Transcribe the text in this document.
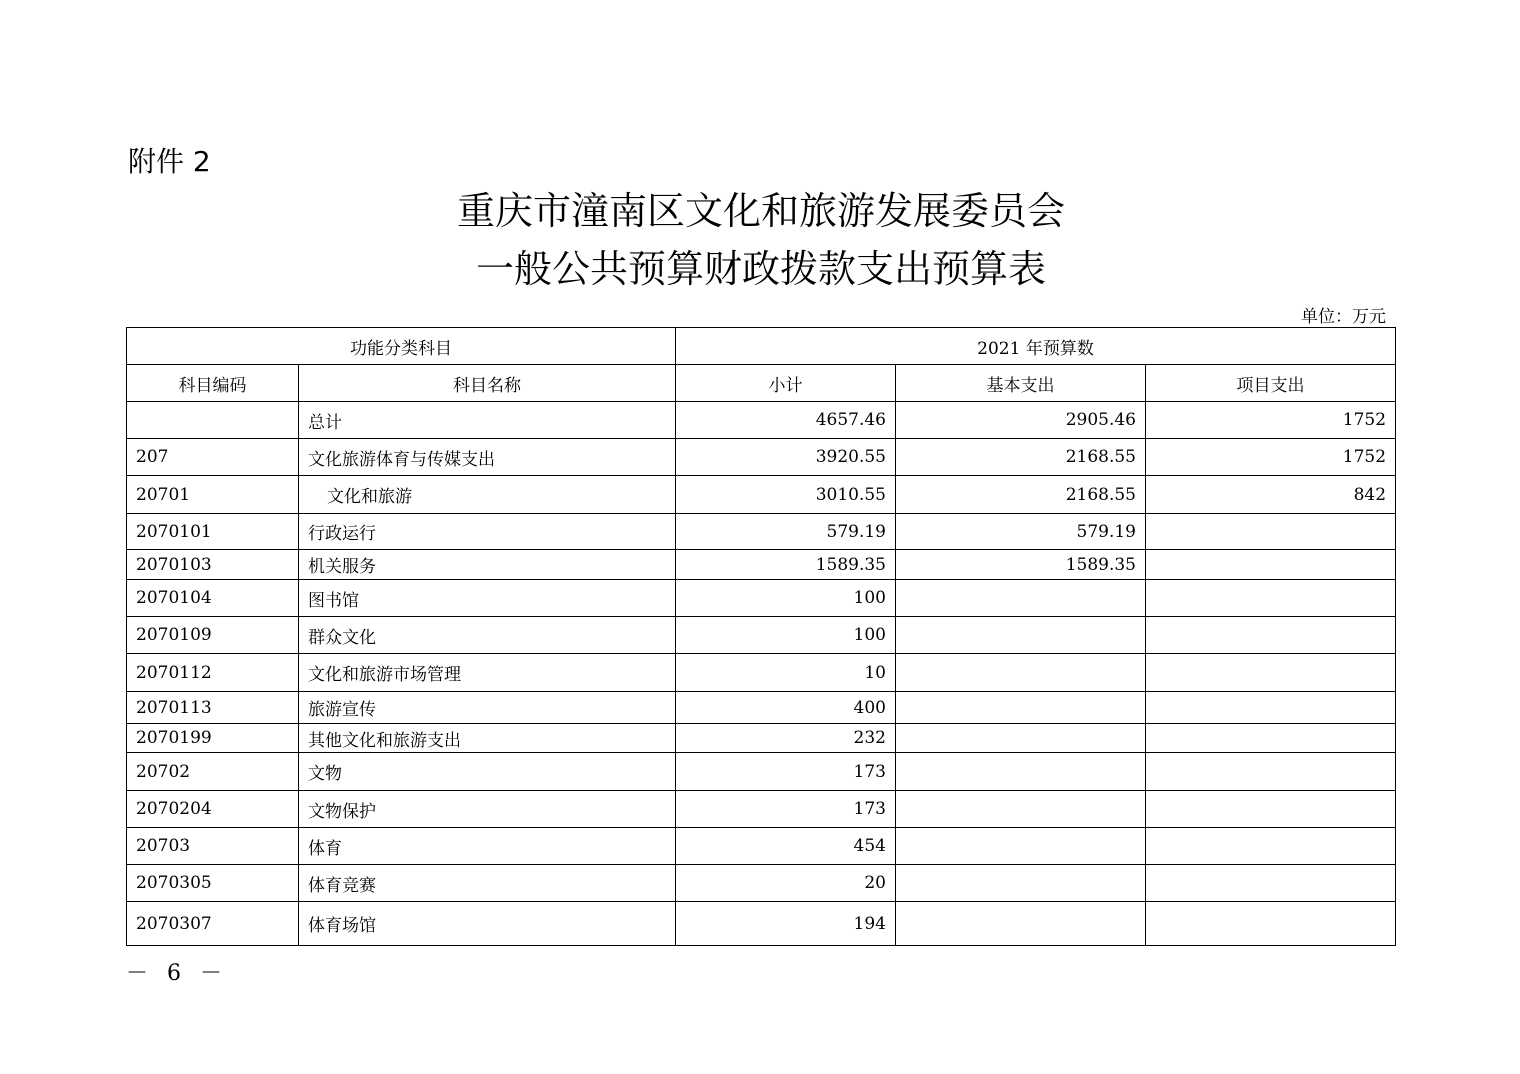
附件 2
重庆市潼南区文化和旅游发展委员会
一般公共预算财政拨款支出预算表
单位：万元
功能分类科目		2021 年预算数		
科目编码	科目名称	小计	基本支出	项目支出
	总计	4657.46	2905.46	1752
207	文化旅游体育与传媒支出	3920.55	2168.55	1752
20701	文化和旅游	3010.55	2168.55	842
2070101	行政运行	579.19	579.19	
2070103	机关服务	1589.35	1589.35	
2070104	图书馆	100		
2070109	群众文化	100		
2070112	文化和旅游市场管理	10		
2070113	旅游宣传	400		
2070199	其他文化和旅游支出	232		
20702	文物	173		
2070204	文物保护	173		
20703	体育	454		
2070305	体育竞赛	20		
2070307	体育场馆	194		
－ 6 －
